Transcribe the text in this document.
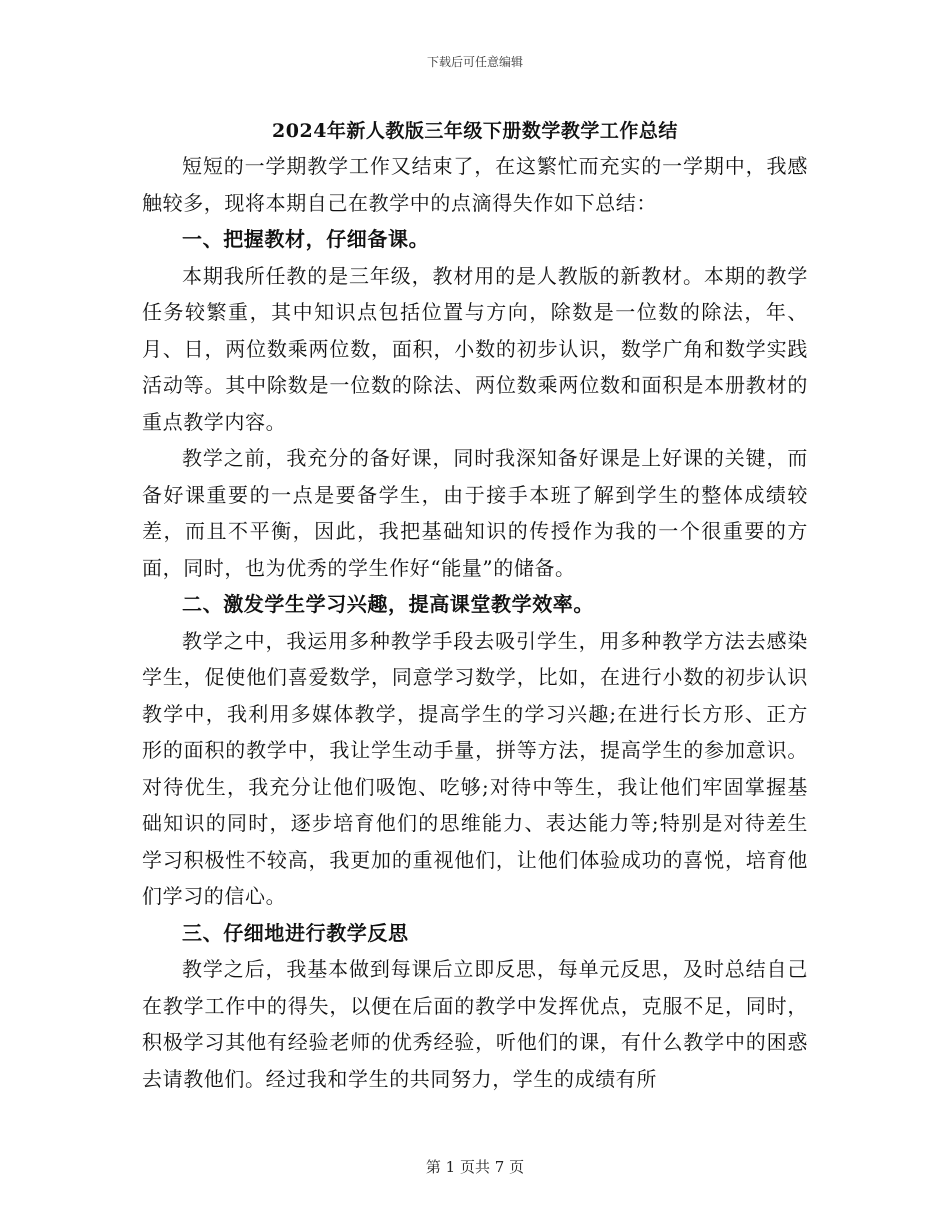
下载后可任意编辑
2024年新人教版三年级下册数学教学工作总结

短短的一学期教学工作又结束了，在这繁忙而充实的一学期中，我感触较多，现将本期自己在教学中的点滴得失作如下总结：

一、把握教材，仔细备课。

本期我所任教的是三年级，教材用的是人教版的新教材。本期的教学任务较繁重，其中知识点包括位置与方向，除数是一位数的除法，年、月、日，两位数乘两位数，面积，小数的初步认识，数学广角和数学实践活动等。其中除数是一位数的除法、两位数乘两位数和面积是本册教材的重点教学内容。

教学之前，我充分的备好课，同时我深知备好课是上好课的关键，而备好课重要的一点是要备学生，由于接手本班了解到学生的整体成绩较差，而且不平衡，因此，我把基础知识的传授作为我的一个很重要的方面，同时，也为优秀的学生作好“能量”的储备。

二、激发学生学习兴趣，提高课堂教学效率。

教学之中，我运用多种教学手段去吸引学生，用多种教学方法去感染学生，促使他们喜爱数学，同意学习数学，比如，在进行小数的初步认识教学中，我利用多媒体教学，提高学生的学习兴趣;在进行长方形、正方形的面积的教学中，我让学生动手量，拼等方法，提高学生的参加意识。对待优生，我充分让他们吸饱、吃够;对待中等生，我让他们牢固掌握基础知识的同时，逐步培育他们的思维能力、表达能力等;特别是对待差生学习积极性不较高，我更加的重视他们，让他们体验成功的喜悦，培育他们学习的信心。

三、仔细地进行教学反思

教学之后，我基本做到每课后立即反思，每单元反思，及时总结自己在教学工作中的得失，以便在后面的教学中发挥优点，克服不足，同时，积极学习其他有经验老师的优秀经验，听他们的课，有什么教学中的困惑去请教他们。经过我和学生的共同努力，学生的成绩有所

第 1 页共 7 页
